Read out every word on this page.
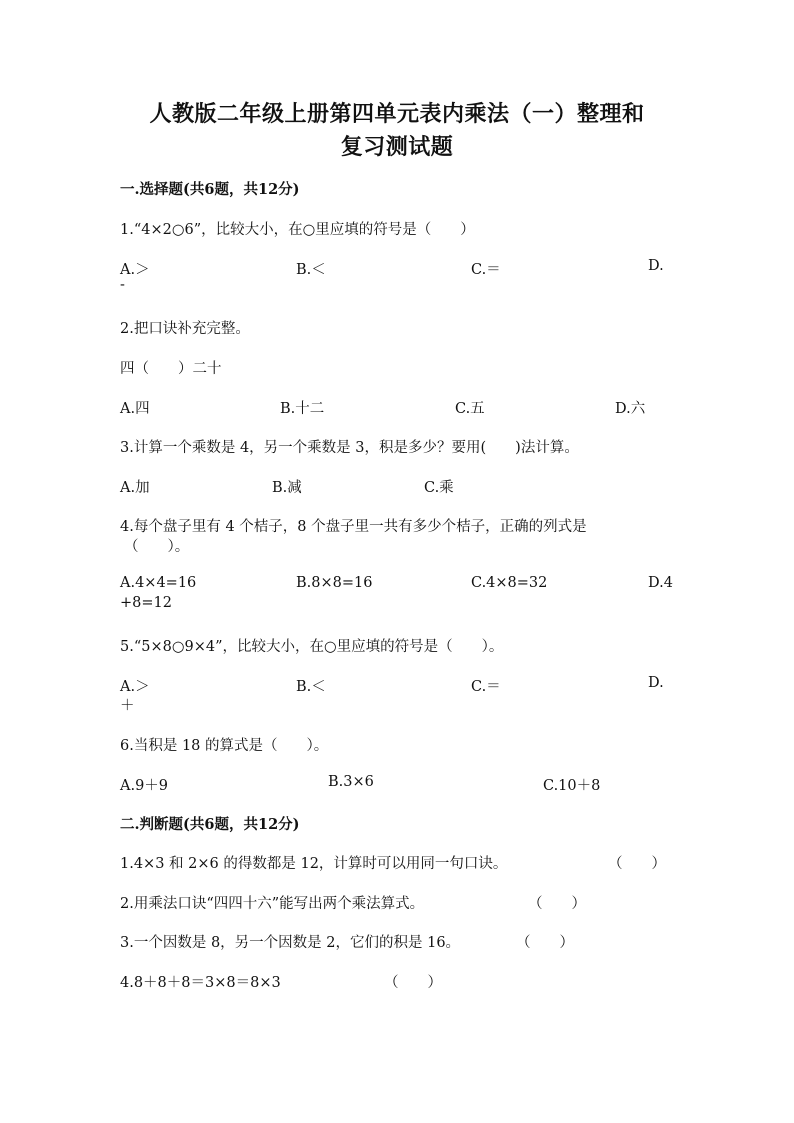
人教版二年级上册第四单元表内乘法（一）整理和
复习测试题
一.选择题(共6题，共12分)
1.“4×2○6”，比较大小，在○里应填的符号是（　　）
A.＞	B.＜	C.＝	D.
-
2.把口诀补充完整。
四（　　）二十
A.四	B.十二	C.五	D.六
3.计算一个乘数是 4，另一个乘数是 3，积是多少？要用(　　)法计算。
A.加	B.减	C.乘
4.每个盘子里有 4 个桔子，8 个盘子里一共有多少个桔子，正确的列式是
（　　）。
A.4×4=16	B.8×8=16	C.4×8=32	D.4
+8=12
5.“5×8○9×4”，比较大小，在○里应填的符号是（　　）。
A.＞	B.＜	C.＝	D.
＋
6.当积是 18 的算式是（　　）。
A.9＋9	B.3×6	C.10＋8
二.判断题(共6题，共12分)
1.4×3 和 2×6 的得数都是 12，计算时可以用同一句口诀。	（　　）
2.用乘法口诀“四四十六”能写出两个乘法算式。	（　　）
3.一个因数是 8，另一个因数是 2，它们的积是 16。	（　　）
4.8＋8＋8＝3×8＝8×3	（　　）
